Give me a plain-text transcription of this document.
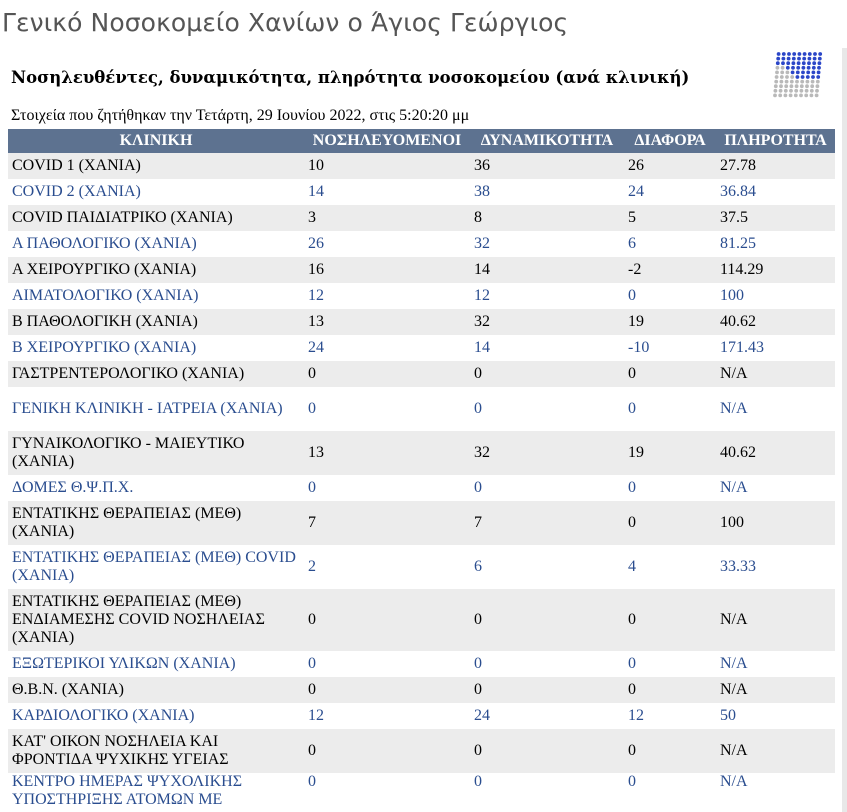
Γενικό Νοσοκομείο Χανίων ο Άγιος Γεώργιος
Νοσηλευθέντες, δυναμικότητα, πληρότητα νοσοκομείου (ανά κλινική)
Στοιχεία που ζητήθηκαν την Τετάρτη, 29 Ιουνίου 2022, στις 5:20:20 μμ
ΚΛΙΝΙΚΗ	ΝΟΣΗΛΕΥΟΜΕΝΟΙ	ΔΥΝΑΜΙΚΟΤΗΤΑ	ΔΙΑΦΟΡΑ	ΠΛΗΡΟΤΗΤΑ
COVID 1 (ΧΑΝΙΑ)	10	36	26	27.78
COVID 2 (ΧΑΝΙΑ)	14	38	24	36.84
COVID ΠΑΙΔΙΑΤΡΙΚΟ (ΧΑΝΙΑ)	3	8	5	37.5
Α ΠΑΘΟΛΟΓΙΚΟ (ΧΑΝΙΑ)	26	32	6	81.25
Α ΧΕΙΡΟΥΡΓΙΚΟ (ΧΑΝΙΑ)	16	14	-2	114.29
ΑΙΜΑΤΟΛΟΓΙΚΟ (ΧΑΝΙΑ)	12	12	0	100
Β ΠΑΘΟΛΟΓΙΚΗ (ΧΑΝΙΑ)	13	32	19	40.62
Β ΧΕΙΡΟΥΡΓΙΚΟ (ΧΑΝΙΑ)	24	14	-10	171.43
ΓΑΣΤΡΕΝΤΕΡΟΛΟΓΙΚΟ (ΧΑΝΙΑ)	0	0	0	N/A
ΓΕΝΙΚΗ ΚΛΙΝΙΚΗ - ΙΑΤΡΕΙΑ (ΧΑΝΙΑ)	0	0	0	N/A
ΓΥΝΑΙΚΟΛΟΓΙΚΟ - ΜΑΙΕΥΤΙΚΟ (ΧΑΝΙΑ)	13	32	19	40.62
ΔΟΜΕΣ Θ.Ψ.Π.Χ.	0	0	0	N/A
ΕΝΤΑΤΙΚΗΣ ΘΕΡΑΠΕΙΑΣ (ΜΕΘ) (ΧΑΝΙΑ)	7	7	0	100
ΕΝΤΑΤΙΚΗΣ ΘΕΡΑΠΕΙΑΣ (ΜΕΘ) COVID (ΧΑΝΙΑ)	2	6	4	33.33
ΕΝΤΑΤΙΚΗΣ ΘΕΡΑΠΕΙΑΣ (ΜΕΘ) ΕΝΔΙΑΜΕΣΗΣ COVID ΝΟΣΗΛΕΙΑΣ (ΧΑΝΙΑ)	0	0	0	N/A
ΕΞΩΤΕΡΙΚΟΙ ΥΛΙΚΩΝ (ΧΑΝΙΑ)	0	0	0	N/A
Θ.Β.Ν. (ΧΑΝΙΑ)	0	0	0	N/A
ΚΑΡΔΙΟΛΟΓΙΚΟ (ΧΑΝΙΑ)	12	24	12	50
ΚΑΤ' ΟΙΚΟΝ ΝΟΣΗΛΕΙΑ ΚΑΙ ΦΡΟΝΤΙΔΑ ΨΥΧΙΚΗΣ ΥΓΕΙΑΣ	0	0	0	N/A
ΚΕΝΤΡΟ ΗΜΕΡΑΣ ΨΥΧΟΛΙΚΗΣ ΥΠΟΣΤΗΡΙΞΗΣ ΑΤΟΜΩΝ ΜΕ	0	0	0	N/A
